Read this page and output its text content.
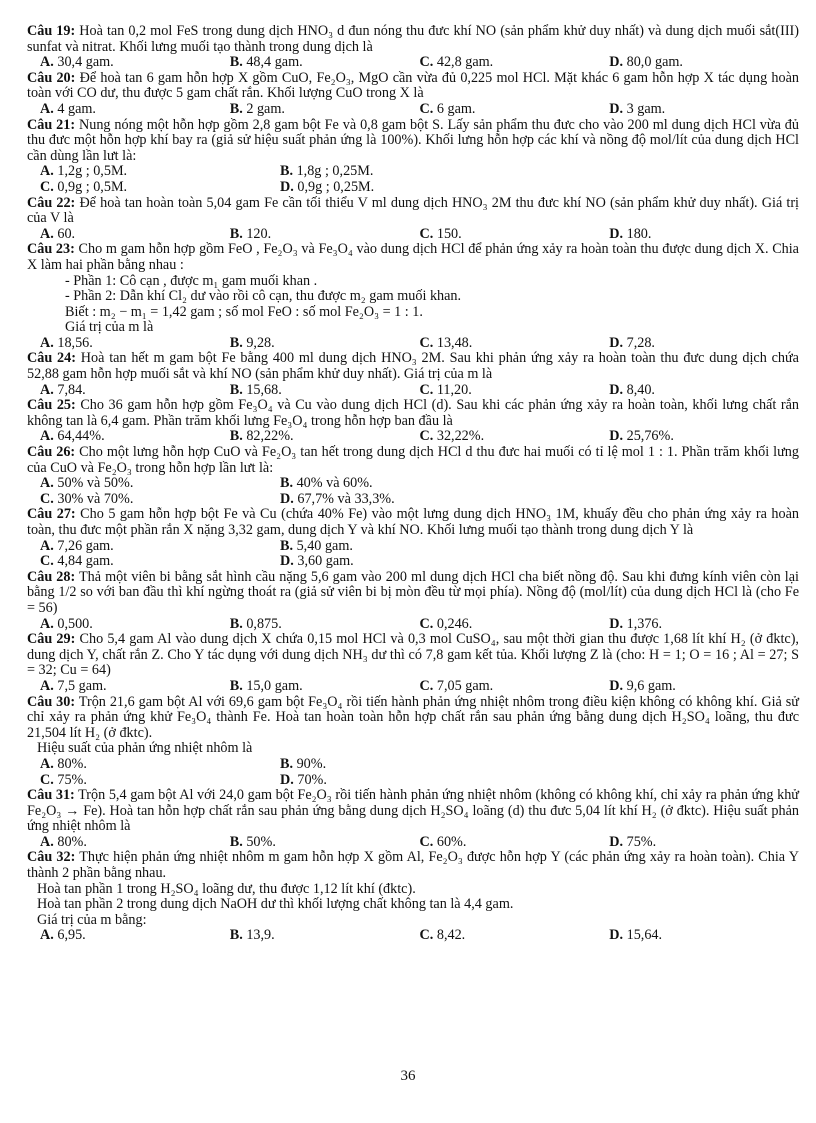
Câu 19: Hoà tan 0,2 mol FeS trong dung dịch HNO₃ d đun nóng thu đưc khí NO (sản phẩm khử duy nhất) và dung dịch muối sắt(III) sunfat và nitrat. Khối lưng muối tạo thành trong dung dịch là
A. 30,4 gam.	B. 48,4 gam.	C. 42,8 gam.	D. 80,0 gam.
Câu 20: Để hoà tan 6 gam hỗn hợp X gồm CuO, Fe₂O₃, MgO cần vừa đủ 0,225 mol HCl. Mặt khác 6 gam hỗn hợp X tác dụng hoàn toàn với CO dư, thu được 5 gam chất rắn. Khối lượng CuO trong X là
A. 4 gam.	B. 2 gam.	C. 6 gam.	D. 3 gam.
Câu 21: Nung nóng một hỗn hợp gồm 2,8 gam bột Fe và 0,8 gam bột S. Lấy sản phẩm thu đưc cho vào 200 ml dung dịch HCl vừa đủ thu đưc một hỗn hợp khí bay ra (giả sử hiệu suất phản ứng là 100%). Khối lưng hỗn hợp các khí và nồng độ mol/lít của dung dịch HCl cần dùng lần lưt là:
A. 1,2g ; 0,5M.	B. 1,8g ; 0,25M.
C. 0,9g ; 0,5M.	D. 0,9g ; 0,25M.
Câu 22: Để hoà tan hoàn toàn 5,04 gam Fe cần tối thiểu V ml dung dịch HNO₃ 2M thu đưc khí NO (sản phẩm khử duy nhất). Giá trị của V là
A. 60.	B. 120.	C. 150.	D. 180.
Câu 23: Cho m gam hỗn hợp gồm FeO , Fe₂O₃ và Fe₃O₄ vào dung dịch HCl để phản ứng xảy ra hoàn toàn thu được dung dịch X. Chia X làm hai phần bằng nhau :
- Phần 1: Cô cạn , được m₁ gam muối khan .
- Phần 2: Dẫn khí Cl₂ dư vào rồi cô cạn, thu được m₂ gam muối khan.
Biết : m₂ − m₁ = 1,42 gam ; số mol FeO : số mol Fe₂O₃ = 1 : 1.
Giá trị của m là
A. 18,56.	B. 9,28.	C. 13,48.	D. 7,28.
Câu 24: Hoà tan hết m gam bột Fe bằng 400 ml dung dịch HNO₃ 2M. Sau khi phản ứng xảy ra hoàn toàn thu đưc dung dịch chứa 52,88 gam hỗn hợp muối sắt và khí NO (sản phẩm khử duy nhất). Giá trị của m là
A. 7,84.	B. 15,68.	C. 11,20.	D. 8,40.
Câu 25: Cho 36 gam hỗn hợp gồm Fe₃O₄ và Cu vào dung dịch HCl (d). Sau khi các phản ứng xảy ra hoàn toàn, khối lưng chất rắn không tan là 6,4 gam. Phần trăm khối lưng Fe₃O₄ trong hỗn hợp ban đầu là
A. 64,44%.	B. 82,22%.	C. 32,22%.	D. 25,76%.
Câu 26: Cho một lưng hỗn hợp CuO và Fe₂O₃ tan hết trong dung dịch HCl d thu đưc hai muối có tỉ lệ mol 1 : 1. Phần trăm khối lưng của CuO và Fe₂O₃ trong hỗn hợp lần lưt là:
A. 50% và 50%.	B. 40% và 60%.
C. 30% và 70%.	D. 67,7% và 33,3%.
Câu 27: Cho 5 gam hỗn hợp bột Fe và Cu (chứa 40% Fe) vào một lưng dung dịch HNO₃ 1M, khuấy đều cho phản ứng xảy ra hoàn toàn, thu đưc một phần rắn X nặng 3,32 gam, dung dịch Y và khí NO. Khối lưng muối tạo thành trong dung dịch Y là
A. 7,26 gam.	B. 5,40 gam.
C. 4,84 gam.	D. 3,60 gam.
Câu 28: Thả một viên bi bằng sắt hình cầu nặng 5,6 gam vào 200 ml dung dịch HCl cha biết nồng độ. Sau khi đưng kính viên còn lại bằng 1/2 so với ban đầu thì khí ngừng thoát ra (giả sử viên bi bị mòn đều từ mọi phía). Nồng độ (mol/lít) của dung dịch HCl là (cho Fe = 56)
A. 0,500.	B. 0,875.	C. 0,246.	D. 1,376.
Câu 29: Cho 5,4 gam Al vào dung dịch X chứa 0,15 mol HCl và 0,3 mol CuSO₄, sau một thời gian thu được 1,68 lít khí H₂ (ở đktc), dung dịch Y, chất rắn Z. Cho Y tác dụng với dung dịch NH₃ dư thì có 7,8 gam kết tủa. Khối lượng Z là (cho: H = 1; O = 16 ; Al = 27; S = 32; Cu = 64)
A. 7,5 gam.	B. 15,0 gam.	C. 7,05 gam.	D. 9,6 gam.
Câu 30: Trộn 21,6 gam bột Al với 69,6 gam bột Fe₃O₄ rồi tiến hành phản ứng nhiệt nhôm trong điều kiện không có không khí. Giả sử chỉ xảy ra phản ứng khử Fe₃O₄ thành Fe. Hoà tan hoàn toàn hỗn hợp chất rắn sau phản ứng bằng dung dịch H₂SO₄ loãng, thu đưc 21,504 lít H₂ (ở đktc).
Hiệu suất của phản ứng nhiệt nhôm là
A. 80%.	B. 90%.
C. 75%.	D. 70%.
Câu 31: Trộn 5,4 gam bột Al với 24,0 gam bột Fe₂O₃ rồi tiến hành phản ứng nhiệt nhôm (không có không khí, chỉ xảy ra phản ứng khử Fe₂O₃ → Fe). Hoà tan hỗn hợp chất rắn sau phản ứng bằng dung dịch H₂SO₄ loãng (d) thu đưc 5,04 lít khí H₂ (ở đktc). Hiệu suất phản ứng nhiệt nhôm là
A. 80%.	B. 50%.	C. 60%.	D. 75%.
Câu 32: Thực hiện phản ứng nhiệt nhôm m gam hỗn hợp X gồm Al, Fe₂O₃ được hỗn hợp Y (các phản ứng xảy ra hoàn toàn). Chia Y thành 2 phần bằng nhau.
Hoà tan phần 1 trong H₂SO₄ loãng dư, thu được 1,12 lít khí (đktc).
Hoà tan phần 2 trong dung dịch NaOH dư thì khối lượng chất không tan là 4,4 gam.
Giá trị của m bằng:
A. 6,95.	B. 13,9.	C. 8,42.	D. 15,64.
36
